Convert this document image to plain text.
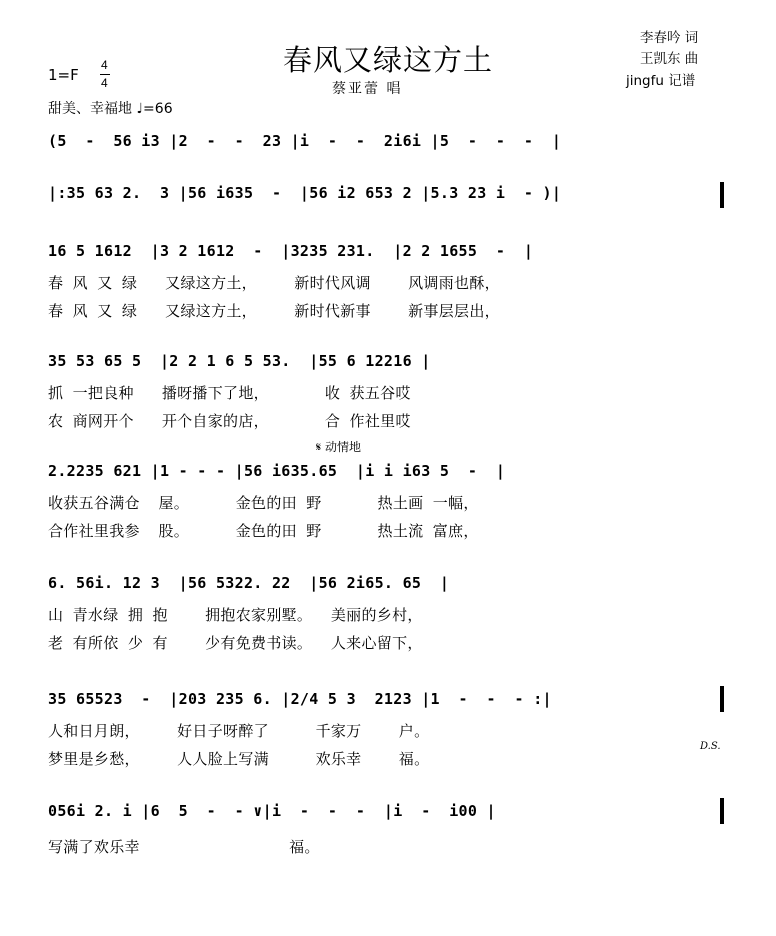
春风又绿这方土
蔡亚蕾 唱
李春吟 词
王凯东 曲
jingfu 记谱
1=F
4
4
甜美、幸福地 ♩=66
(5  -  56 i3 |2  -  -  23 |i  -  -  2i6i |5  -  -  -  |
|:35 63 2.  3 |56 i635  -  |56 i2 653 2 |5.3 23 i  - )|
16 5 1612  |3 2 1612  -  |3235 231.  |2 2 1655  -  |
春 风 又 绿   又绿这方土，    新时代风调    风调雨也酥，
春 风 又 绿   又绿这方土，    新时代新事    新事层层出，
35 53 65 5  |2 2 1 6 5 53.  |55 6 12216 |
抓 一把良种   播呀播下了地，      收 获五谷哎
农 商网开个   开个自家的店，      合 作社里哎
𝄋 动情地
2.2235 621 |1 - - - |56 i635.65  |i i i63 5  -  |
收获五谷满仓  屋。     金色的田 野      热土画 一幅，
合作社里我参  股。     金色的田 野      热土流 富庶，
6. 56i. 12 3  |56 5322. 22  |56 2i65. 65  |
山 青水绿 拥 抱    拥抱农家别墅。  美丽的乡村，
老 有所依 少 有    少有免费书读。  人来心留下，
35 65523  -  |203 235 6. |2/4 5 3  2123 |1  -  -  - :|
人和日月朗，    好日子呀醉了     千家万    户。
梦里是乡愁，    人人脸上写满     欢乐幸    福。
D.S.
056i 2. i |6  5  -  - ∨|i  -  -  -  |i  -  i00 |
写满了欢乐幸                福。
